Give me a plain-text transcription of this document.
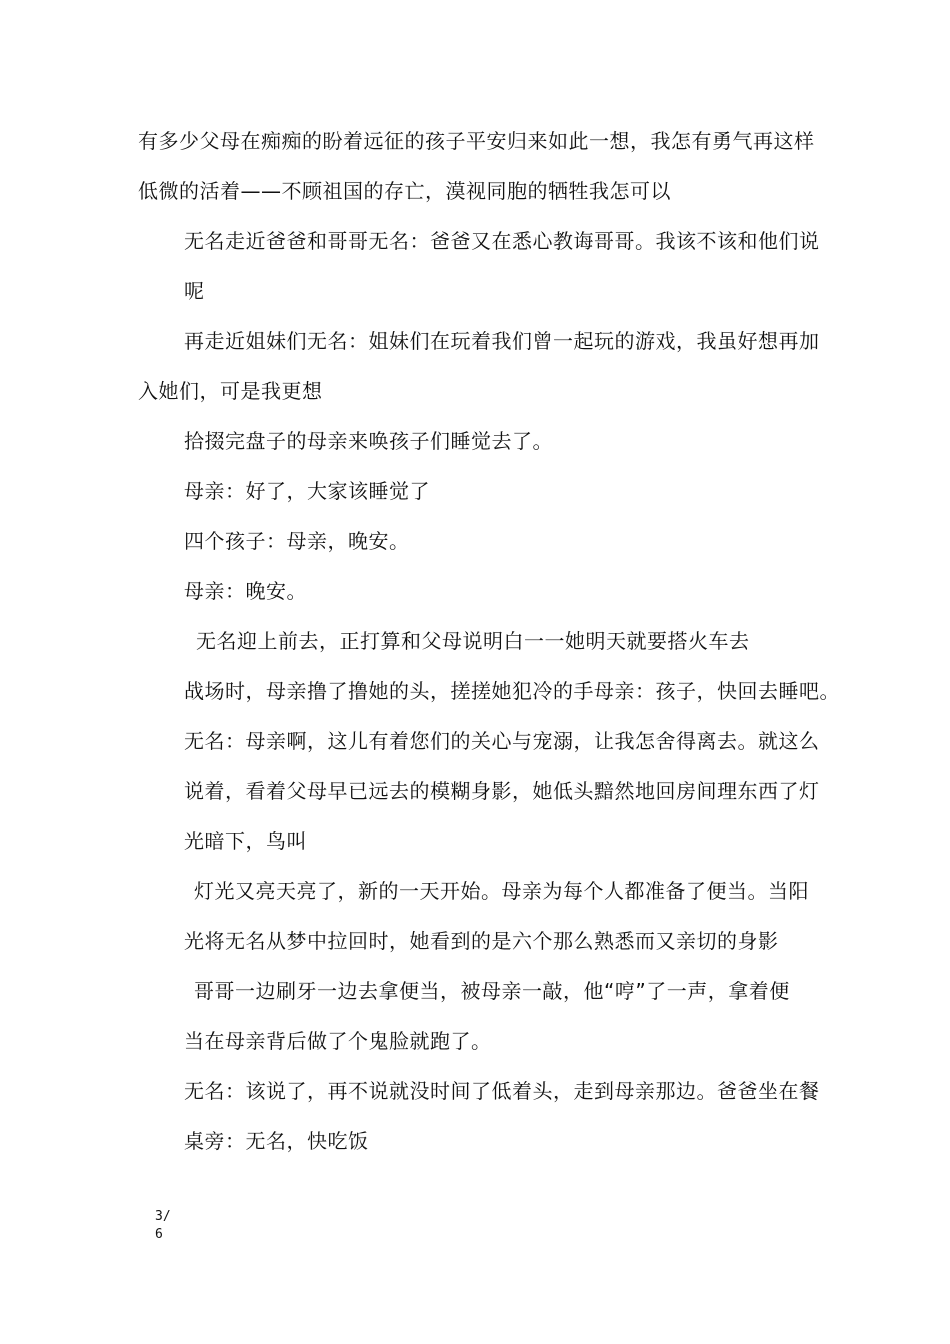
有多少父母在痴痴的盼着远征的孩子平安归来如此一想，我怎有勇气再这样
低微的活着——不顾祖国的存亡，漠视同胞的牺牲我怎可以
无名走近爸爸和哥哥无名：爸爸又在悉心教诲哥哥。我该不该和他们说
呢
再走近姐妹们无名：姐妹们在玩着我们曾一起玩的游戏，我虽好想再加
入她们，可是我更想
拾掇完盘子的母亲来唤孩子们睡觉去了。
母亲：好了，大家该睡觉了
四个孩子：母亲，晚安。
母亲：晚安。
无名迎上前去，正打算和父母说明白一一她明天就要搭火车去
战场时，母亲撸了撸她的头，搓搓她犯冷的手母亲：孩子，快回去睡吧。
无名：母亲啊，这儿有着您们的关心与宠溺，让我怎舍得离去。就这么
说着，看着父母早已远去的模糊身影，她低头黯然地回房间理东西了灯
光暗下，鸟叫
灯光又亮天亮了，新的一天开始。母亲为每个人都准备了便当。当阳
光将无名从梦中拉回时，她看到的是六个那么熟悉而又亲切的身影
哥哥一边刷牙一边去拿便当，被母亲一敲，他“哼”了一声，拿着便
当在母亲背后做了个鬼脸就跑了。
无名：该说了，再不说就没时间了低着头，走到母亲那边。爸爸坐在餐
桌旁：无名，快吃饭
3/
6
